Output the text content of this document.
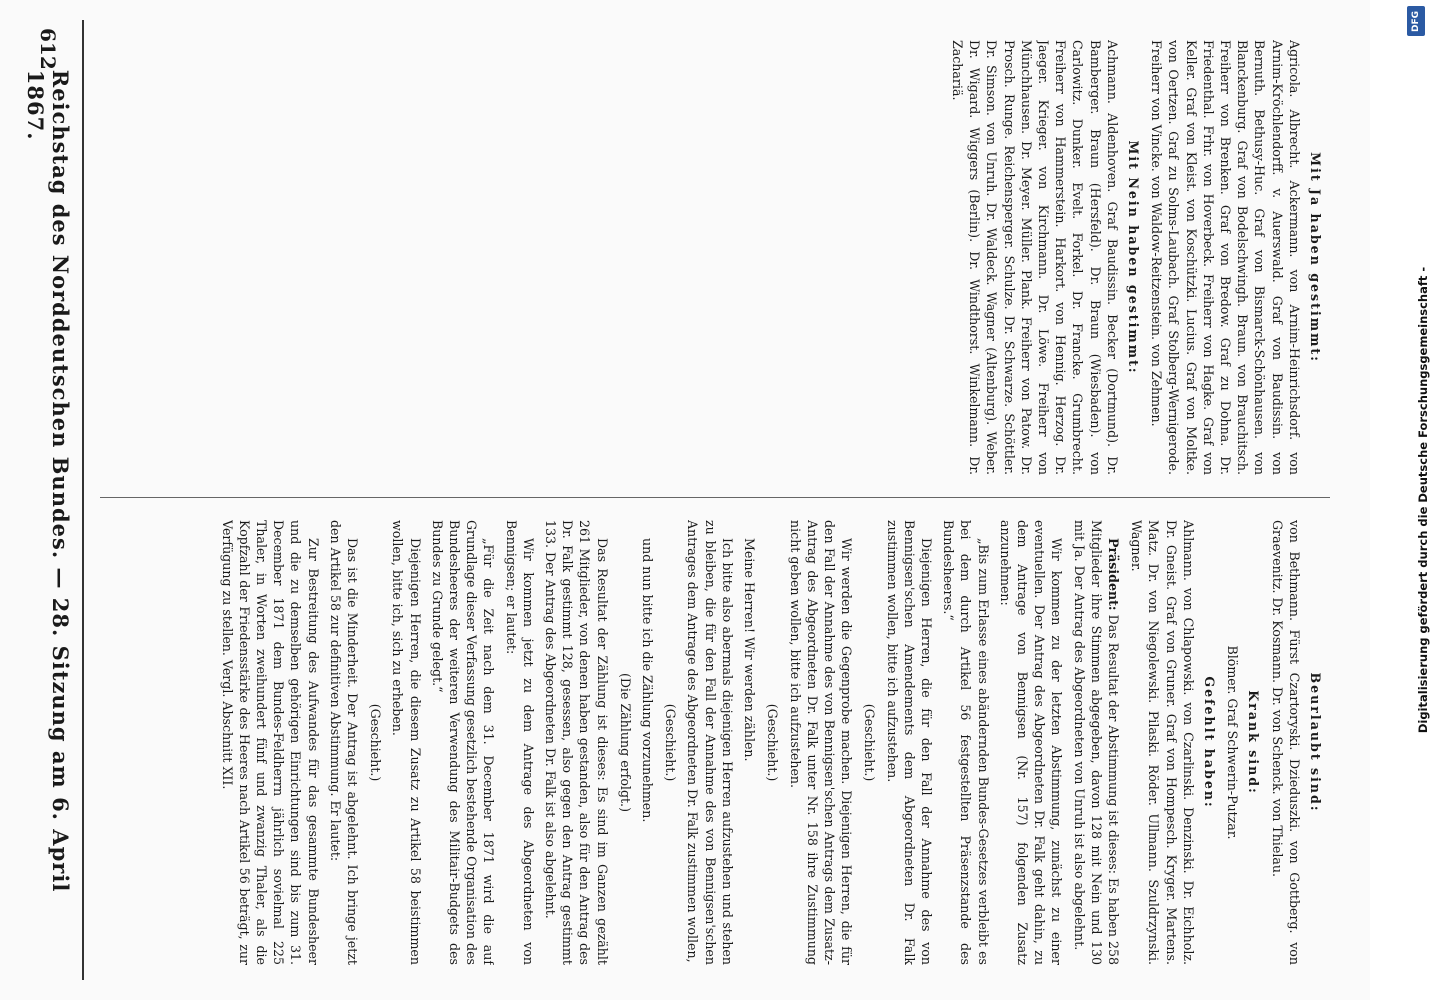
Mit Ja haben gestimmt:
Agricola. Albrecht. Ackermann. von Arnim-Heinrichsdorf. von Arnim-Kröchlendorff. v. Auerswald. Graf von Baudissin. von Bernuth. Bethusy-Huc. Graf von Bismarck-Schönhausen. von Blanckenburg. Graf von Bodelschwingh. Braun. von Brauchitsch. Freiherr von Brenken. Graf von Bredow. Graf zu Dohna. Dr. Friedenthal. Frhr. von Hoverbeck. Freiherr von Hagke. Graf von Keller. Graf von Kleist. von Koschützki. Lucius. Graf von Moltke. von Oertzen. Graf zu Solms-Laubach. Graf Stolberg-Wernigerode. Freiherr von Vincke. von Waldow-Reitzenstein. von Zehmen.
Mit Nein haben gestimmt:
Achmann. Aldenhoven. Graf Baudissin. Becker (Dortmund). Dr. Bamberger. Braun (Hersfeld). Dr. Braun (Wiesbaden). von Carlowitz. Dunker. Evelt. Forkel. Dr. Francke. Grumbrecht. Freiherr von Hammerstein. Harkort. von Hennig. Herzog. Dr. Jaeger. Krieger. von Kirchmann. Dr. Löwe. Freiherr von Münchhausen. Dr. Meyer. Müller. Plank. Freiherr von Patow. Dr. Prosch. Runge. Reichensperger. Schulze. Dr. Schwarze. Schöttler. Dr. Simson. von Unruh. Dr. Waldeck. Wagner (Altenburg). Weber. Dr. Wigard. Wiggers (Berlin). Dr. Windthorst. Winkelmann. Dr. Zachariä.
Beurlaubt sind:
von Bethmann. Fürst Czartoryski. Dzieduszki. von Gottberg. von Graevenitz. Dr. Kosmann. Dr. von Schenck. von Thielau.
Krank sind:
Blömer. Graf Schwerin-Putzar.
Gefehlt haben:
Ahlmann. von Chlapowski. von Czarlinski. Denzinski. Dr. Eichholz. Dr. Gneist. Graf von Gruner. Graf von Hompesch. Kryger. Martens. Matz. Dr. von Niegolewski. Pilaski. Röder. Ullmann. Szuldrzynski. Wagner.
Präsident: Das Resultat der Abstimmung ist dieses: Es haben 258 Mitglieder ihre Stimmen abgegeben, davon 128 mit Nein und 130 mit Ja. Der Antrag des Abgeordneten von Unruh ist also abgelehnt.
Wir kommen zu der letzten Abstimmung, zunächst zu einer eventuellen. Der Antrag des Abgeordneten Dr. Falk geht dahin, zu dem Antrage von Bennigsen (Nr. 157) folgenden Zusatz anzunehmen:
„Bis zum Erlasse eines abändernden Bundes-Gesetzes verbleibt es bei dem durch Artikel 56 festgestellten Präsenzstande des Bundesheeres.“
Diejenigen Herren, die für den Fall der Annahme des von Bennigsen'schen Amendements dem Abgeordneten Dr. Falk zustimmen wollen, bitte ich aufzustehen.
(Geschieht.)
Wir werden die Gegenprobe machen. Diejenigen Herren, die für den Fall der Annahme des von Bennigsen'schen Antrags dem Zusatz-Antrag des Abgeordneten Dr. Falk unter Nr. 158 ihre Zustimmung nicht geben wollen, bitte ich aufzustehen.
(Geschieht.)
Meine Herren! Wir werden zählen.
Ich bitte also abermals diejenigen Herren aufzustehen und stehen zu bleiben, die für den Fall der Annahme des von Bennigsen'schen Antrages dem Antrage des Abgeordneten Dr. Falk zustimmen wollen,
(Geschieht.)
und nun bitte ich die Zählung vorzunehmen.
(Die Zählung erfolgt.)
Das Resultat der Zählung ist dieses: Es sind im Ganzen gezählt 261 Mitglieder, von denen haben gestanden, also für den Antrag des Dr. Falk gestimmt 128, gesessen, also gegen den Antrag gestimmt 133. Der Antrag des Abgeordneten Dr. Falk ist also abgelehnt.
Wir kommen jetzt zu dem Antrage des Abgeordneten von Bennigsen; er lautet:
„Für die Zeit nach dem 31. December 1871 wird die auf Grundlage dieser Verfassung gesetzlich bestehende Organisation des Bundesheeres der weiteren Verwendung des Militair-Budgets des Bundes zu Grunde gelegt.“
Diejenigen Herren, die diesem Zusatz zu Artikel 58 beistimmen wollen, bitte ich, sich zu erheben.
(Geschieht.)
Das ist die Minderheit. Der Antrag ist abgelehnt. Ich bringe jetzt den Artikel 58 zur definitiven Abstimmung. Er lautet:
Zur Bestreitung des Aufwandes für das gesammte Bundesheer und die zu demselben gehörigen Einrichtungen sind bis zum 31. December 1871 dem Bundes-Feldherrn jährlich sovielmal 225 Thaler, in Worten zweihundert fünf und zwanzig Thaler, als die Kopfzahl der Friedensstärke des Heeres nach Artikel 56 beträgt, zur Verfügung zu stellen. Vergl. Abschnitt XII.
612
Reichstag des Norddeutschen Bundes. — 28. Sitzung am 6. April 1867.
DFG
Digitalisierung gefördert durch die Deutsche Forschungsgemeinschaft -
